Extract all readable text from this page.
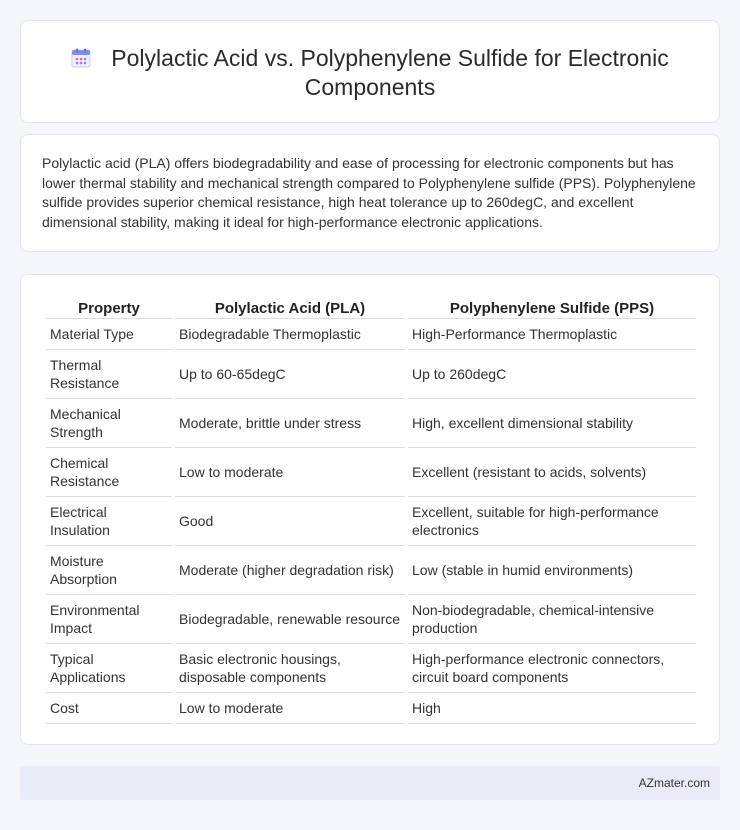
Polylactic Acid vs. Polyphenylene Sulfide for Electronic Components

Polylactic acid (PLA) offers biodegradability and ease of processing for electronic components but has lower thermal stability and mechanical strength compared to Polyphenylene sulfide (PPS). Polyphenylene sulfide provides superior chemical resistance, high heat tolerance up to 260degC, and excellent dimensional stability, making it ideal for high-performance electronic applications.

Property	Polylactic Acid (PLA)	Polyphenylene Sulfide (PPS)
Material Type	Biodegradable Thermoplastic	High-Performance Thermoplastic
Thermal Resistance	Up to 60-65degC	Up to 260degC
Mechanical Strength	Moderate, brittle under stress	High, excellent dimensional stability
Chemical Resistance	Low to moderate	Excellent (resistant to acids, solvents)
Electrical Insulation	Good	Excellent, suitable for high-performance electronics
Moisture Absorption	Moderate (higher degradation risk)	Low (stable in humid environments)
Environmental Impact	Biodegradable, renewable resource	Non-biodegradable, chemical-intensive production
Typical Applications	Basic electronic housings, disposable components	High-performance electronic connectors, circuit board components
Cost	Low to moderate	High
AZmater.com
